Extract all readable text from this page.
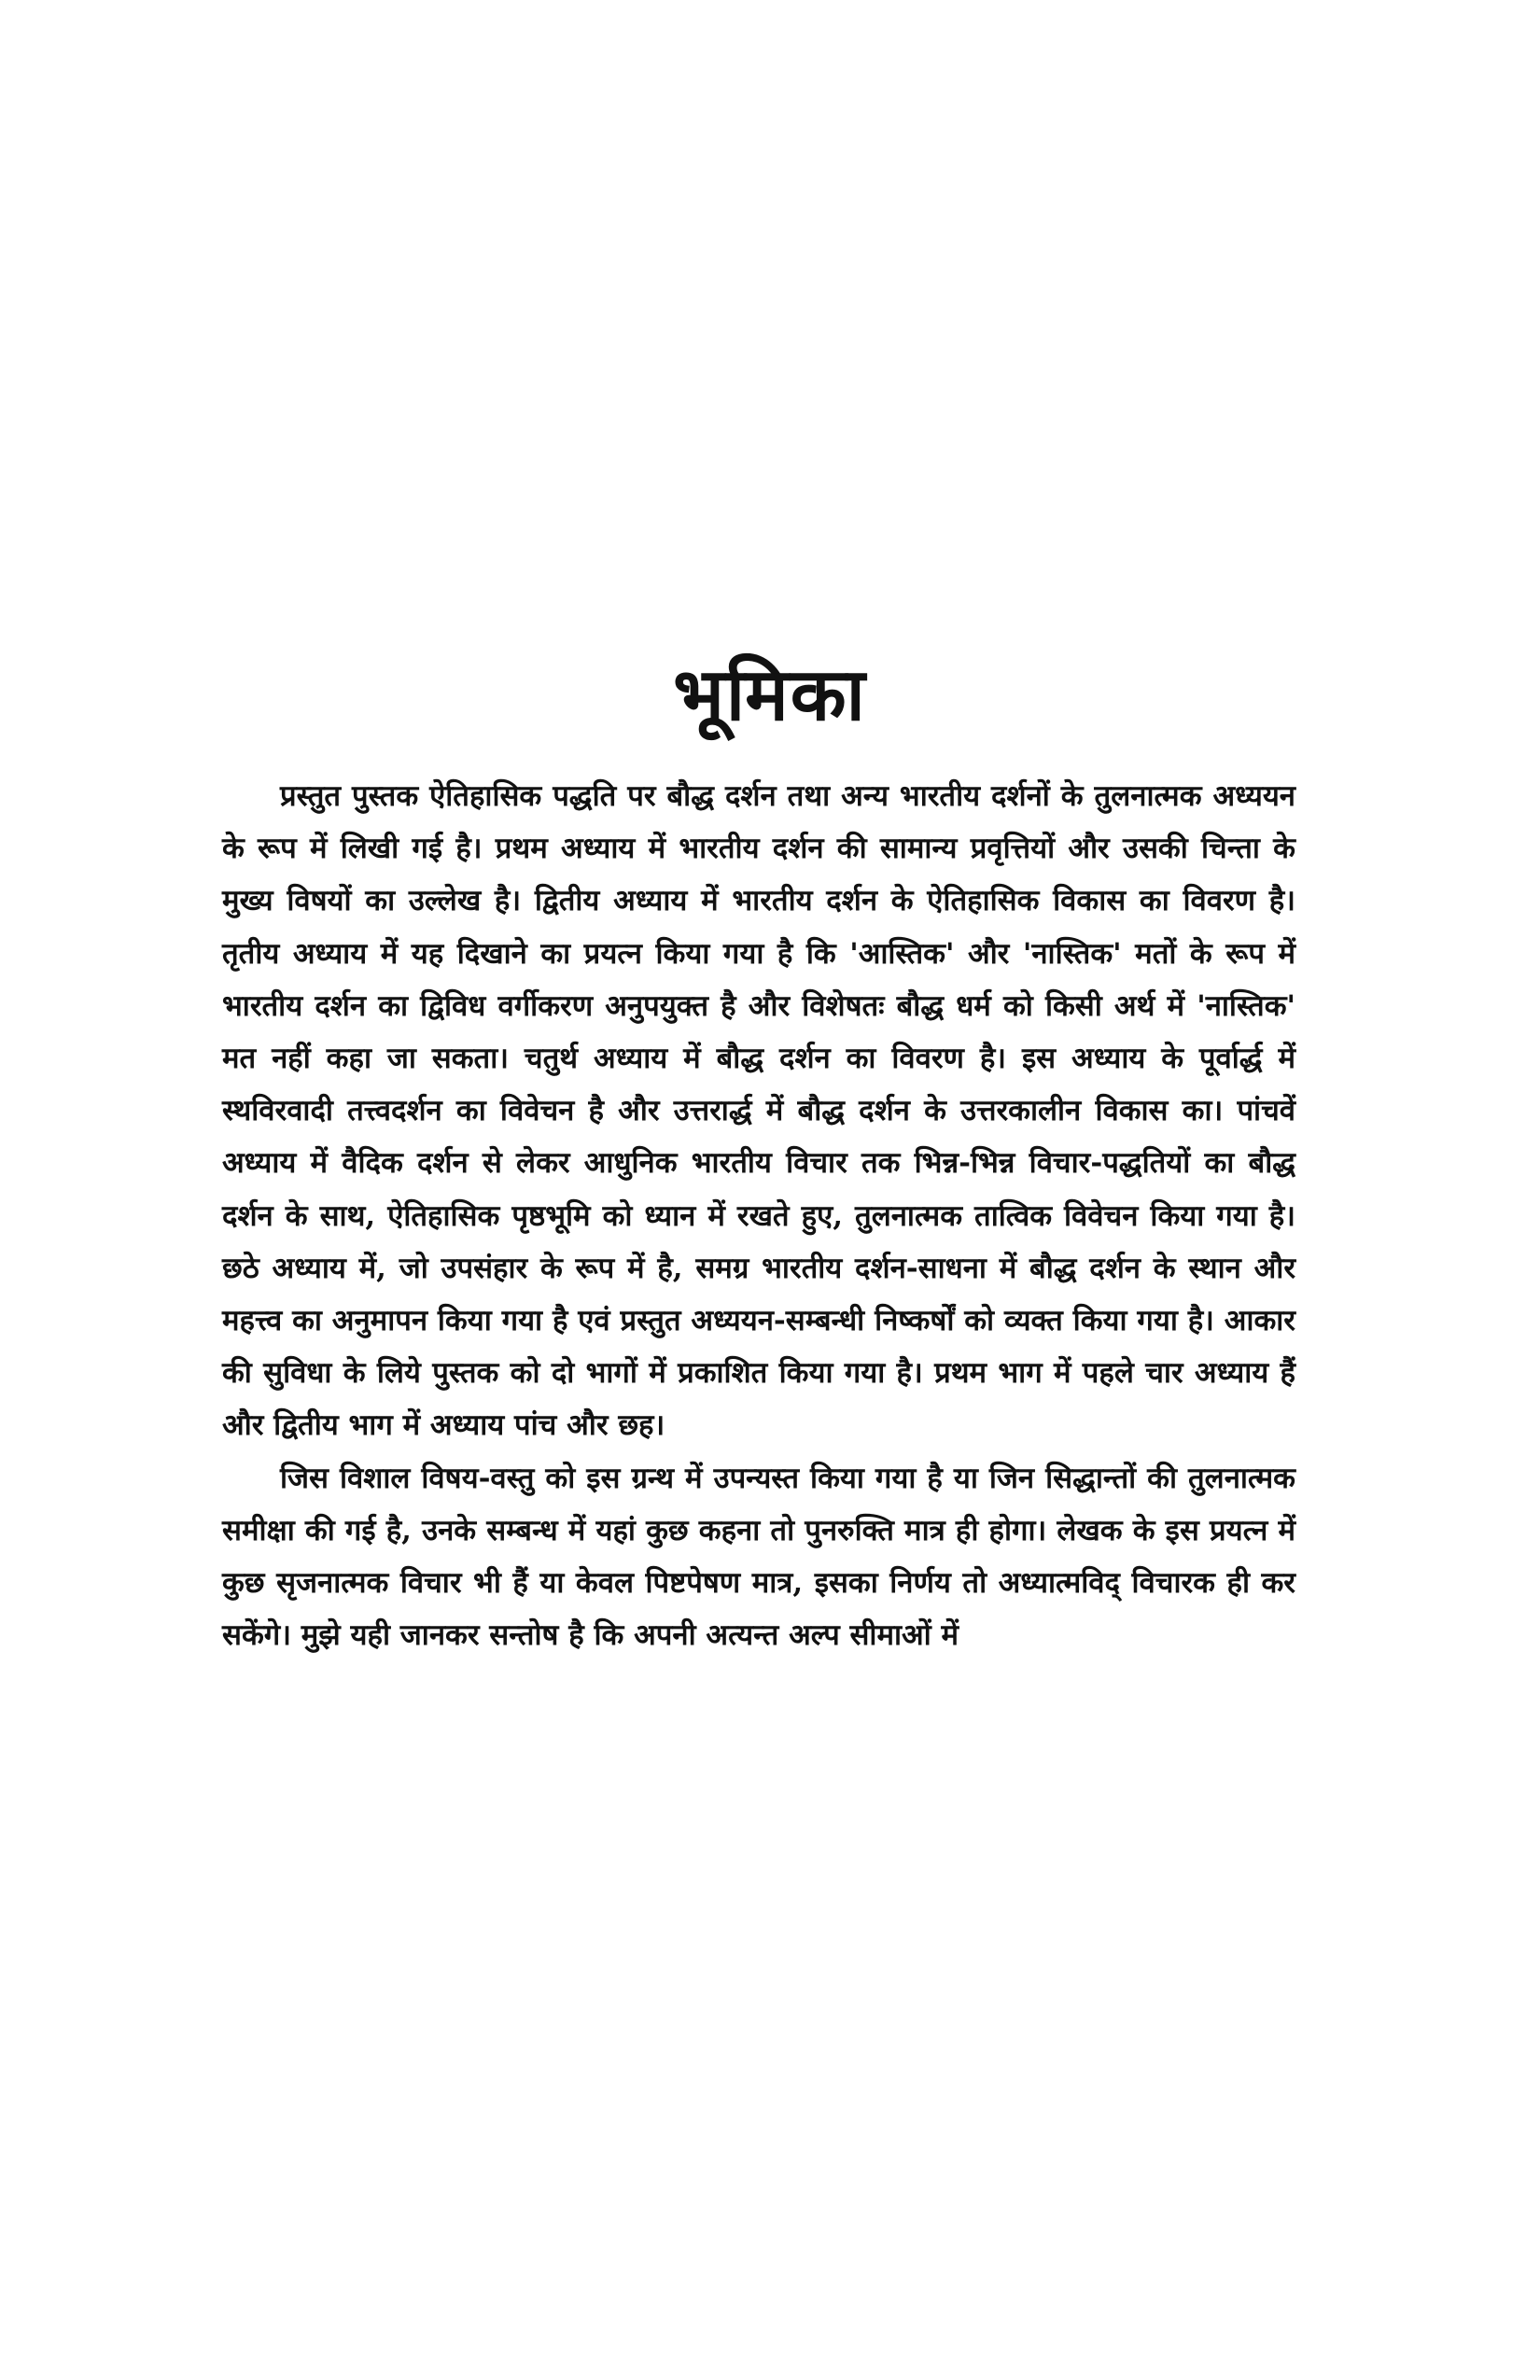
भूमिका

प्रस्तुत पुस्तक ऐतिहासिक पद्धति पर बौद्ध दर्शन तथा अन्य भारतीय दर्शनों के तुलनात्मक अध्ययन के रूप में लिखी गई है। प्रथम अध्याय में भारतीय दर्शन की सामान्य प्रवृत्तियों और उसकी चिन्ता के मुख्य विषयों का उल्लेख है। द्वितीय अध्याय में भारतीय दर्शन के ऐतिहासिक विकास का विवरण है। तृतीय अध्याय में यह दिखाने का प्रयत्न किया गया है कि 'आस्तिक' और 'नास्तिक' मतों के रूप में भारतीय दर्शन का द्विविध वर्गीकरण अनुपयुक्त है और विशेषतः बौद्ध धर्म को किसी अर्थ में 'नास्तिक' मत नहीं कहा जा सकता। चतुर्थ अध्याय में बौद्ध दर्शन का विवरण है। इस अध्याय के पूर्वार्द्ध में स्थविरवादी तत्त्वदर्शन का विवेचन है और उत्तरार्द्ध में बौद्ध दर्शन के उत्तरकालीन विकास का। पांचवें अध्याय में वैदिक दर्शन से लेकर आधुनिक भारतीय विचार तक भिन्न-भिन्न विचार-पद्धतियों का बौद्ध दर्शन के साथ, ऐतिहासिक पृष्ठभूमि को ध्यान में रखते हुए, तुलनात्मक तात्विक विवेचन किया गया है। छठे अध्याय में, जो उपसंहार के रूप में है, समग्र भारतीय दर्शन-साधना में बौद्ध दर्शन के स्थान और महत्त्व का अनुमापन किया गया है एवं प्रस्तुत अध्ययन-सम्बन्धी निष्कर्षों को व्यक्त किया गया है। आकार की सुविधा के लिये पुस्तक को दो भागों में प्रकाशित किया गया है। प्रथम भाग में पहले चार अध्याय हैं और द्वितीय भाग में अध्याय पांच और छह।

जिस विशाल विषय-वस्तु को इस ग्रन्थ में उपन्यस्त किया गया है या जिन सिद्धान्तों की तुलनात्मक समीक्षा की गई है, उनके सम्बन्ध में यहां कुछ कहना तो पुनरुक्ति मात्र ही होगा। लेखक के इस प्रयत्न में कुछ सृजनात्मक विचार भी हैं या केवल पिष्टपेषण मात्र, इसका निर्णय तो अध्यात्मविद् विचारक ही कर सकेंगे। मुझे यही जानकर सन्तोष है कि अपनी अत्यन्त अल्प सीमाओं में
